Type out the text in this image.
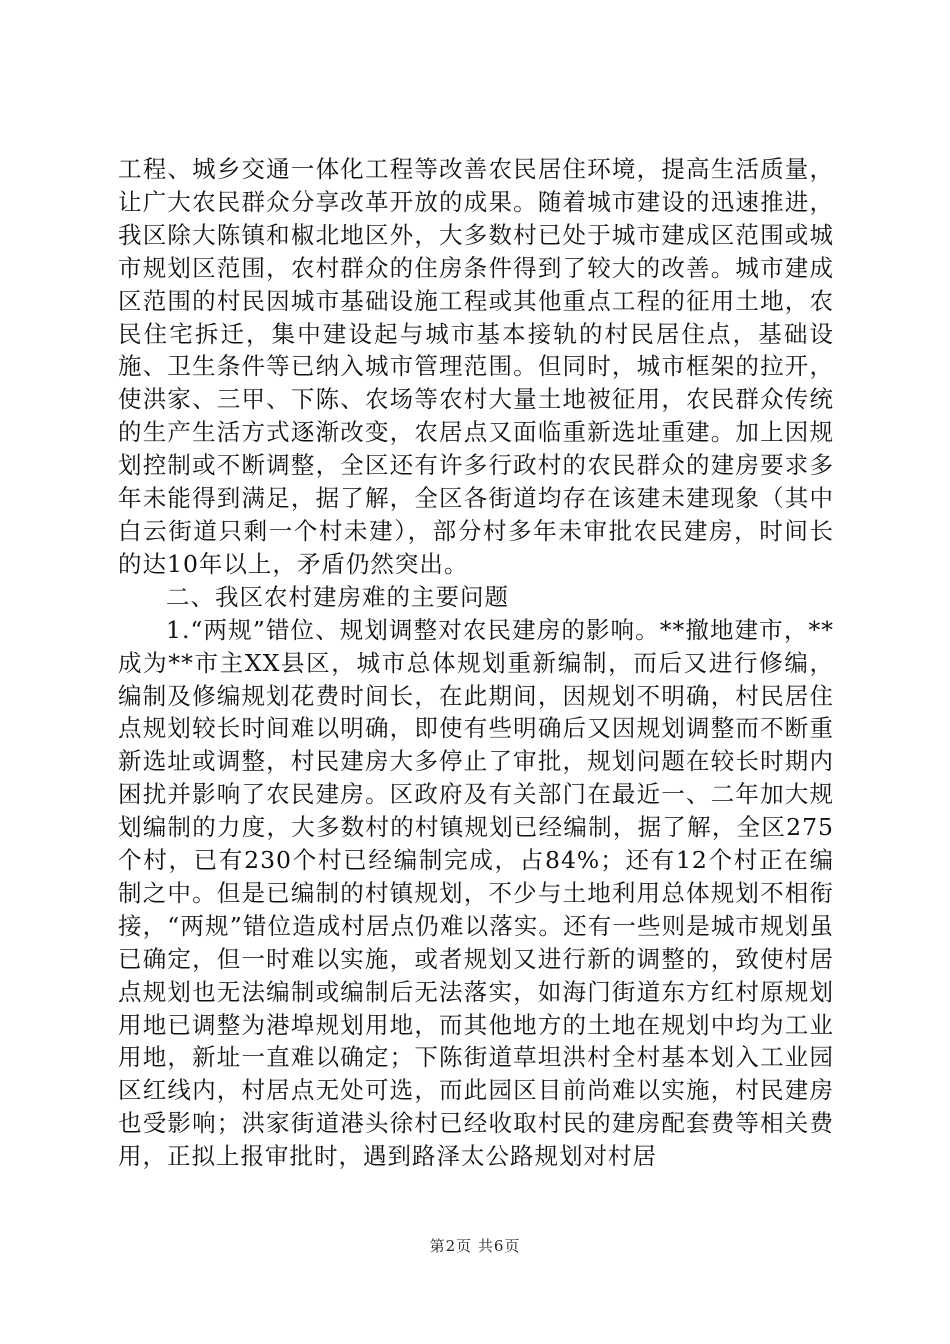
工程、城乡交通一体化工程等改善农民居住环境，提高生活质量，让广大农民群众分享改革开放的成果。随着城市建设的迅速推进，我区除大陈镇和椒北地区外，大多数村已处于城市建成区范围或城市规划区范围，农村群众的住房条件得到了较大的改善。城市建成区范围的村民因城市基础设施工程或其他重点工程的征用土地，农民住宅拆迁，集中建设起与城市基本接轨的村民居住点，基础设施、卫生条件等已纳入城市管理范围。但同时，城市框架的拉开，使洪家、三甲、下陈、农场等农村大量土地被征用，农民群众传统的生产生活方式逐渐改变，农居点又面临重新选址重建。加上因规划控制或不断调整，全区还有许多行政村的农民群众的建房要求多年未能得到满足，据了解，全区各街道均存在该建未建现象（其中白云街道只剩一个村未建），部分村多年未审批农民建房，时间长的达10年以上，矛盾仍然突出。

二、我区农村建房难的主要问题

1.“两规”错位、规划调整对农民建房的影响。**撤地建市，**成为**市主XX县区，城市总体规划重新编制，而后又进行修编，编制及修编规划花费时间长，在此期间，因规划不明确，村民居住点规划较长时间难以明确，即使有些明确后又因规划调整而不断重新选址或调整，村民建房大多停止了审批，规划问题在较长时期内困扰并影响了农民建房。区政府及有关部门在最近一、二年加大规划编制的力度，大多数村的村镇规划已经编制，据了解，全区275个村，已有230个村已经编制完成，占84%；还有12个村正在编制之中。但是已编制的村镇规划，不少与土地利用总体规划不相衔接，“两规”错位造成村居点仍难以落实。还有一些则是城市规划虽已确定，但一时难以实施，或者规划又进行新的调整的，致使村居点规划也无法编制或编制后无法落实，如海门街道东方红村原规划用地已调整为港埠规划用地，而其他地方的土地在规划中均为工业用地，新址一直难以确定；下陈街道草坦洪村全村基本划入工业园区红线内，村居点无处可选，而此园区目前尚难以实施，村民建房也受影响；洪家街道港头徐村已经收取村民的建房配套费等相关费用，正拟上报审批时，遇到路泽太公路规划对村居

第2页 共6页
